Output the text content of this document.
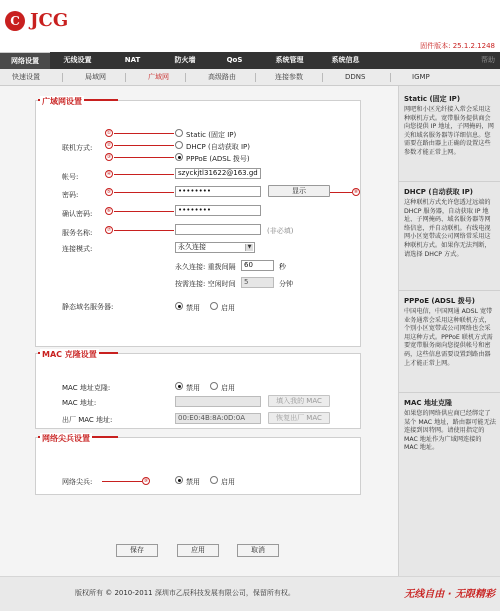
C JCG
固件版本: 25.1.2.1248
网络设置	无线设置	NAT	防火墙	QoS	系统管理	系统信息	帮助
快速设置	局域网	广域网	高级路由	连接参数	DDNS	IGMP
广域网设置
联机方式:
①	Static (固定 IP)
②	DHCP (自动获取 IP)
③	PPPoE (ADSL 拨号)
帐号:	④	szyckjtl31622@163.gd
密码:	⑤	••••••••	显示	⑧
确认密码:	⑥	••••••••
服务名称:	⑦	(非必填)
连接模式:	永久连接	▼
永久连接: 重拨间隔	60	秒
按需连接: 空闲时间	5	分钟
静态域名服务器:	禁用	启用
MAC 克隆设置
MAC 地址克隆:	禁用	启用
MAC 地址:	填入我的 MAC
出厂 MAC 地址:	00:E0:4B:8A:0D:0A	恢复出厂 MAC
网络尖兵设置
网络尖兵:	⑨	禁用	启用
保存	应用	取消
Static (固定 IP)
网吧和小区光纤接入常会采用这种联机方式。宽带服务提供商会向您提供 IP 地址，子网掩码，网关和域名服务器等详细信息。您需要在路由器上正确的设置这些参数才能正常上网。
DHCP (自动获取 IP)
这种联机方式允许您透过远端的 DHCP 服务器，自动获取 IP 地址、子网掩码、域名服务器等网络信息，并自动联机。有线电视网小区宽带或公司网络常采用这种联机方式。如果你无法判断，请选择 DHCP 方式。
PPPoE (ADSL 拨号)
中国电信，中国网通 ADSL 宽带业务通常会采用这种联机方式，个别小区宽带或公司网络也会采用这种方式。PPPoE 联机方式需要宽带服务商向您提供帐号和密码，这些信息需要设置到路由器上才能正常上网。
MAC 地址克隆
如果您的网络供应商已经绑定了某个 MAC 地址，路由器可能无法连接到因特网。请使用指定的 MAC 地址作为广域网连接的 MAC 地址。
版权所有 © 2010-2011 深圳市乙辰科技发展有限公司，保留所有权。	无线自由 · 无限精彩
